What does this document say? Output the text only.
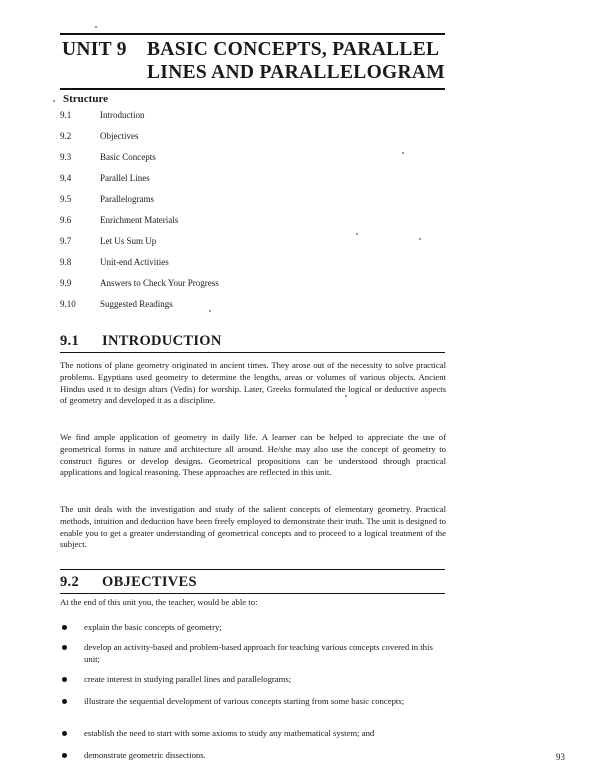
UNIT 9 BASIC CONCEPTS, PARALLEL
LINES AND PARALLELOGRAM
Structure
9.1	Introduction
9.2	Objectives
9.3	Basic Concepts
9.4	Parallel Lines
9.5	Parallelograms
9.6	Enrichment Materials
9.7	Let Us Sum Up
9.8	Unit-end Activities
9.9	Answers to Check Your Progress
9.10	Suggested Readings
9.1 INTRODUCTION
The notions of plane geometry originated in ancient times. They arose out of the necessity to solve practical problems. Egyptians used geometry to determine the lengths, areas or volumes of various objects. Ancient Hindus used it to design altars (Vedis) for worship. Later, Greeks formulated the logical or deductive aspects of geometry and developed it as a discipline.
We find ample application of geometry in daily life. A learner can be helped to appreciate the use of geometrical forms in nature and architecture all around. He/she may also use the concept of geometry to construct figures or develop designs. Geometrical propositions can be understood through practical applications and logical reasoning. These approaches are reflected in this unit.
The unit deals with the investigation and study of the salient concepts of elementary geometry. Practical methods, intuition and deduction have been freely employed to demonstrate their truth. The unit is designed to enable you to get a greater understanding of geometrical concepts and to proceed to a logical treatment of the subject.
9.2 OBJECTIVES
At the end of this unit you, the teacher, would be able to:
explain the basic concepts of geometry;
develop an activity-based and problem-based approach for teaching various concepts covered in this unit;
create interest in studying parallel lines and parallelograms;
illustrate the sequential development of various concepts starting from some basic concepts;
establish the need to start with some axioms to study any mathematical system; and
demonstrate geometric dissections.	93
